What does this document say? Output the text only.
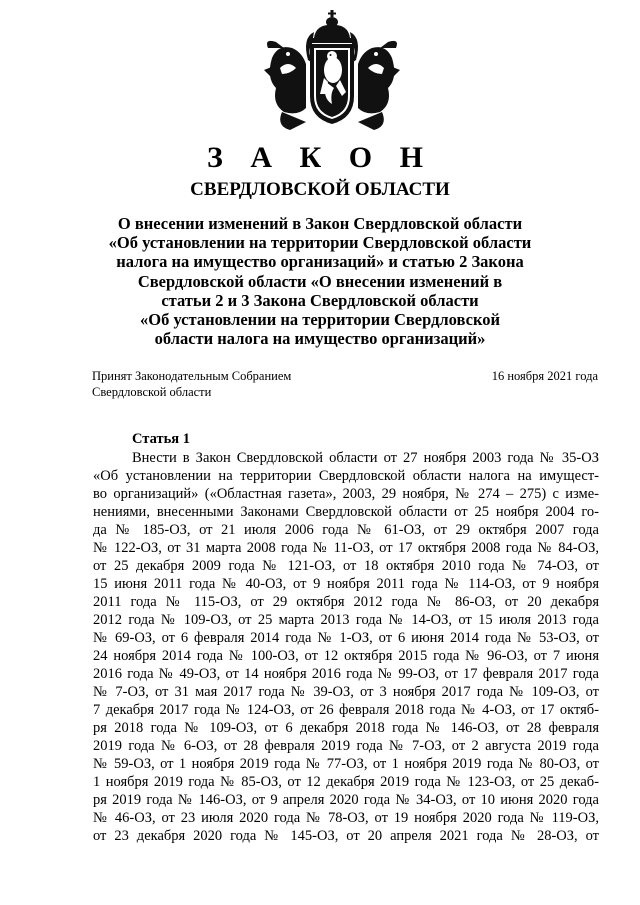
З А К О Н
СВЕРДЛОВСКОЙ ОБЛАСТИ
О внесении изменений в Закон Свердловской области
«Об установлении на территории Свердловской области
налога на имущество организаций» и статью 2 Закона
Свердловской области «О внесении изменений в
статьи 2 и 3 Закона Свердловской области
«Об установлении на территории Свердловской
области налога на имущество организаций»
Принят Законодательным Собранием
Свердловской области
16 ноября 2021 года
Статья 1
Внести в Закон Свердловской области от 27 ноября 2003 года № 35-ОЗ
«Об установлении на территории Свердловской области налога на имущест-
во организаций» («Областная газета», 2003, 29 ноября, № 274 – 275) с изме-
нениями, внесенными Законами Свердловской области от 25 ноября 2004 го-
да № 185-ОЗ, от 21 июля 2006 года № 61-ОЗ, от 29 октября 2007 года
№ 122-ОЗ, от 31 марта 2008 года № 11-ОЗ, от 17 октября 2008 года № 84-ОЗ,
от 25 декабря 2009 года № 121-ОЗ, от 18 октября 2010 года № 74-ОЗ, от
15 июня 2011 года № 40-ОЗ, от 9 ноября 2011 года № 114-ОЗ, от 9 ноября
2011 года № 115-ОЗ, от 29 октября 2012 года № 86-ОЗ, от 20 декабря
2012 года № 109-ОЗ, от 25 марта 2013 года № 14-ОЗ, от 15 июля 2013 года
№ 69-ОЗ, от 6 февраля 2014 года № 1-ОЗ, от 6 июня 2014 года № 53-ОЗ, от
24 ноября 2014 года № 100-ОЗ, от 12 октября 2015 года № 96-ОЗ, от 7 июня
2016 года № 49-ОЗ, от 14 ноября 2016 года № 99-ОЗ, от 17 февраля 2017 года
№ 7-ОЗ, от 31 мая 2017 года № 39-ОЗ, от 3 ноября 2017 года № 109-ОЗ, от
7 декабря 2017 года № 124-ОЗ, от 26 февраля 2018 года № 4-ОЗ, от 17 октяб-
ря 2018 года № 109-ОЗ, от 6 декабря 2018 года № 146-ОЗ, от 28 февраля
2019 года № 6-ОЗ, от 28 февраля 2019 года № 7-ОЗ, от 2 августа 2019 года
№ 59-ОЗ, от 1 ноября 2019 года № 77-ОЗ, от 1 ноября 2019 года № 80-ОЗ, от
1 ноября 2019 года № 85-ОЗ, от 12 декабря 2019 года № 123-ОЗ, от 25 декаб-
ря 2019 года № 146-ОЗ, от 9 апреля 2020 года № 34-ОЗ, от 10 июня 2020 года
№ 46-ОЗ, от 23 июля 2020 года № 78-ОЗ, от 19 ноября 2020 года № 119-ОЗ,
от 23 декабря 2020 года № 145-ОЗ, от 20 апреля 2021 года № 28-ОЗ, от
